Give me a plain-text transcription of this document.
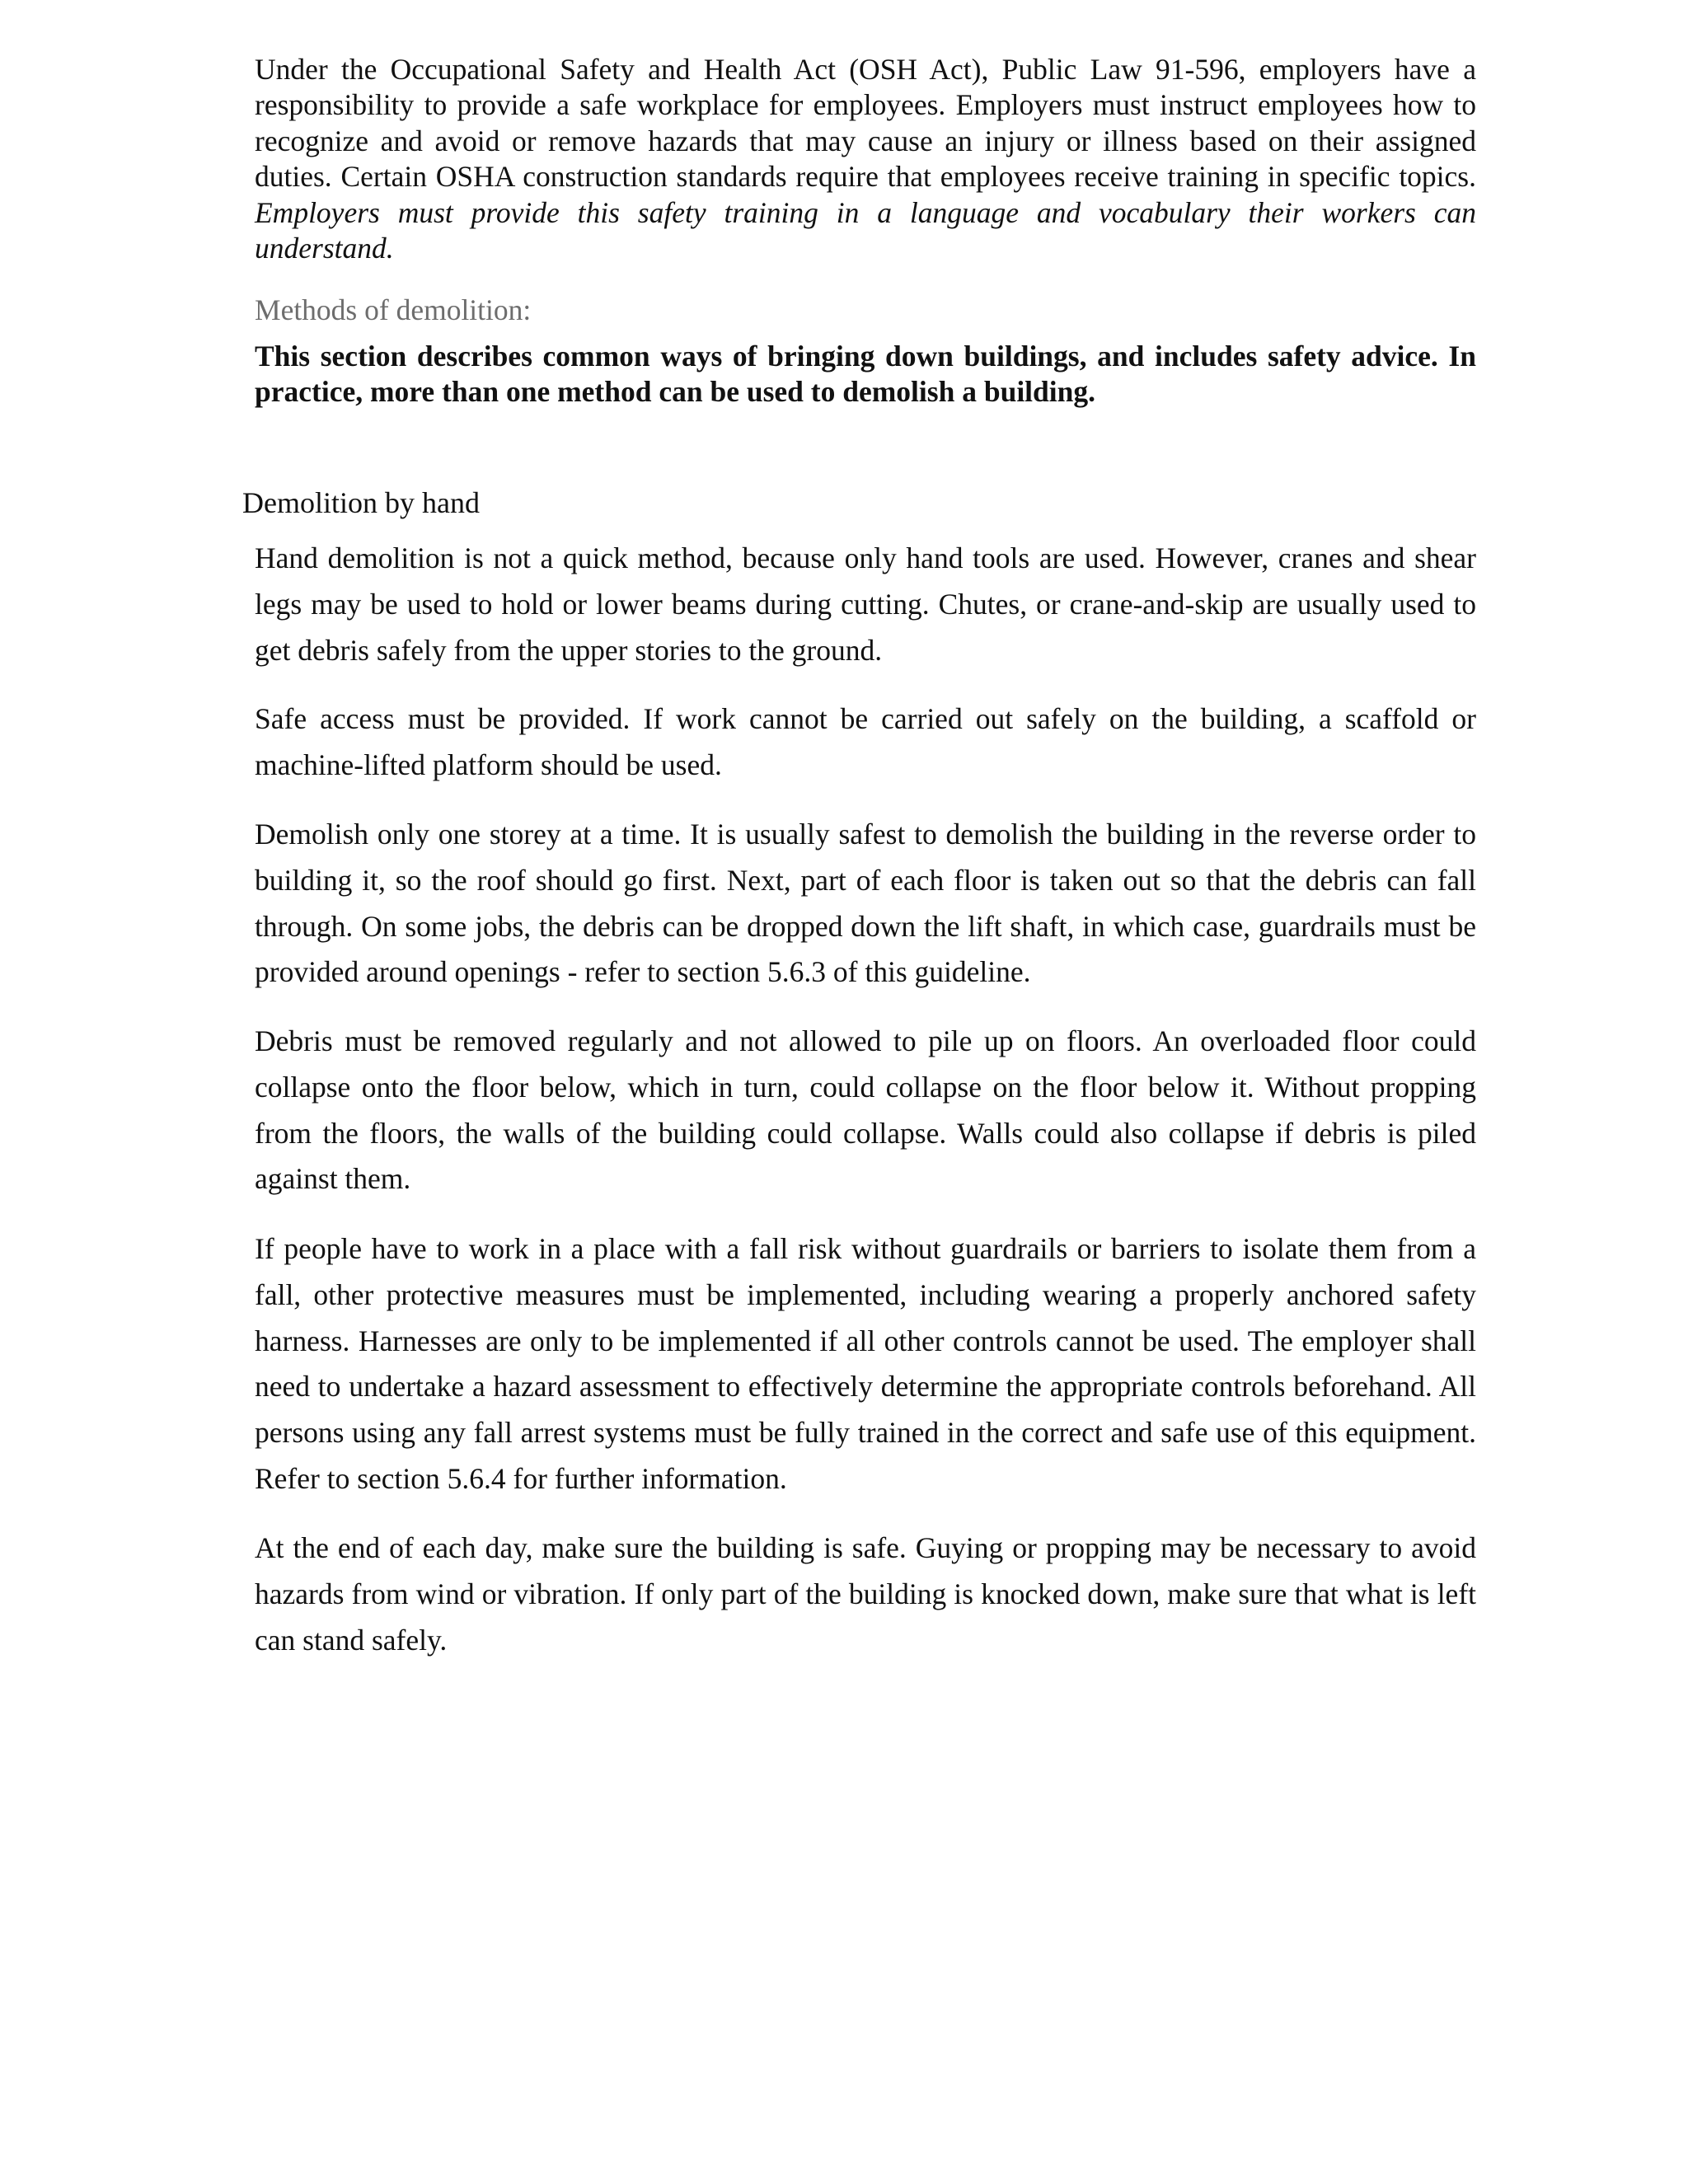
Under the Occupational Safety and Health Act (OSH Act), Public Law 91-596, employers have a responsibility to provide a safe workplace for employees. Employers must instruct employees how to recognize and avoid or remove hazards that may cause an injury or illness based on their assigned duties. Certain OSHA construction standards require that employees receive training in specific topics. Employers must provide this safety training in a language and vocabulary their workers can understand.

Methods of demolition:

This section describes common ways of bringing down buildings, and includes safety advice. In practice, more than one method can be used to demolish a building.

Demolition by hand

Hand demolition is not a quick method, because only hand tools are used. However, cranes and shear legs may be used to hold or lower beams during cutting. Chutes, or crane-and-skip are usually used to get debris safely from the upper stories to the ground.

Safe access must be provided. If work cannot be carried out safely on the building, a scaffold or machine-lifted platform should be used.

Demolish only one storey at a time. It is usually safest to demolish the building in the reverse order to building it, so the roof should go first. Next, part of each floor is taken out so that the debris can fall through. On some jobs, the debris can be dropped down the lift shaft, in which case, guardrails must be provided around openings - refer to section 5.6.3 of this guideline.

Debris must be removed regularly and not allowed to pile up on floors. An overloaded floor could collapse onto the floor below, which in turn, could collapse on the floor below it. Without propping from the floors, the walls of the building could collapse. Walls could also collapse if debris is piled against them.

If people have to work in a place with a fall risk without guardrails or barriers to isolate them from a fall, other protective measures must be implemented, including wearing a properly anchored safety harness. Harnesses are only to be implemented if all other controls cannot be used. The employer shall need to undertake a hazard assessment to effectively determine the appropriate controls beforehand. All persons using any fall arrest systems must be fully trained in the correct and safe use of this equipment. Refer to section 5.6.4 for further information.

At the end of each day, make sure the building is safe. Guying or propping may be necessary to avoid hazards from wind or vibration. If only part of the building is knocked down, make sure that what is left can stand safely.
